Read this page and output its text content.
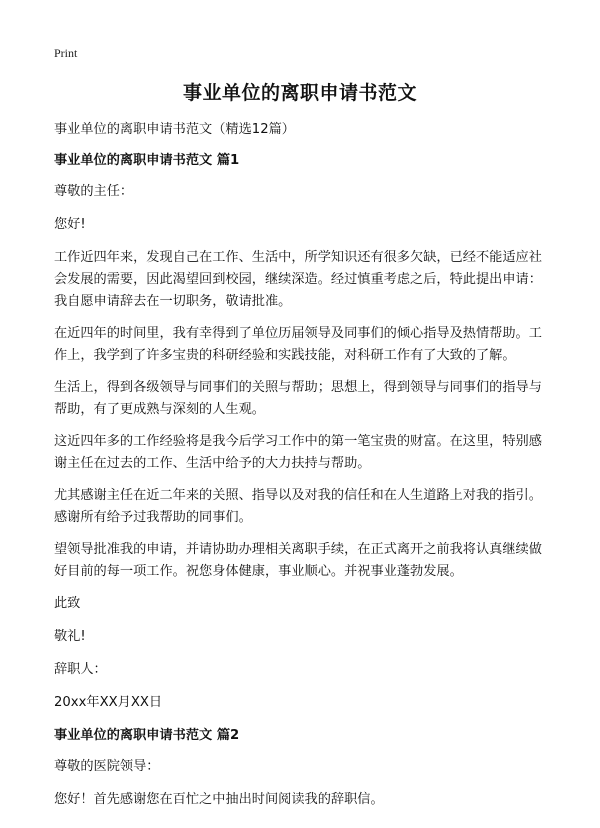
Print
事业单位的离职申请书范文

事业单位的离职申请书范文（精选12篇）

事业单位的离职申请书范文 篇1

尊敬的主任：

您好!

工作近四年来，发现自己在工作、生活中，所学知识还有很多欠缺，已经不能适应社会发展的需要，因此渴望回到校园，继续深造。经过慎重考虑之后，特此提出申请：我自愿申请辞去在一切职务，敬请批准。

在近四年的时间里，我有幸得到了单位历届领导及同事们的倾心指导及热情帮助。工作上，我学到了许多宝贵的科研经验和实践技能，对科研工作有了大致的了解。

生活上，得到各级领导与同事们的关照与帮助；思想上，得到领导与同事们的指导与帮助，有了更成熟与深刻的人生观。

这近四年多的工作经验将是我今后学习工作中的第一笔宝贵的财富。在这里，特别感谢主任在过去的工作、生活中给予的大力扶持与帮助。

尤其感谢主任在近二年来的关照、指导以及对我的信任和在人生道路上对我的指引。感谢所有给予过我帮助的同事们。

望领导批准我的申请，并请协助办理相关离职手续，在正式离开之前我将认真继续做好目前的每一项工作。祝您身体健康，事业顺心。并祝事业蓬勃发展。

此致

敬礼!

辞职人：

20xx年XX月XX日

事业单位的离职申请书范文 篇2

尊敬的医院领导：

您好！首先感谢您在百忙之中抽出时间阅读我的辞职信。
